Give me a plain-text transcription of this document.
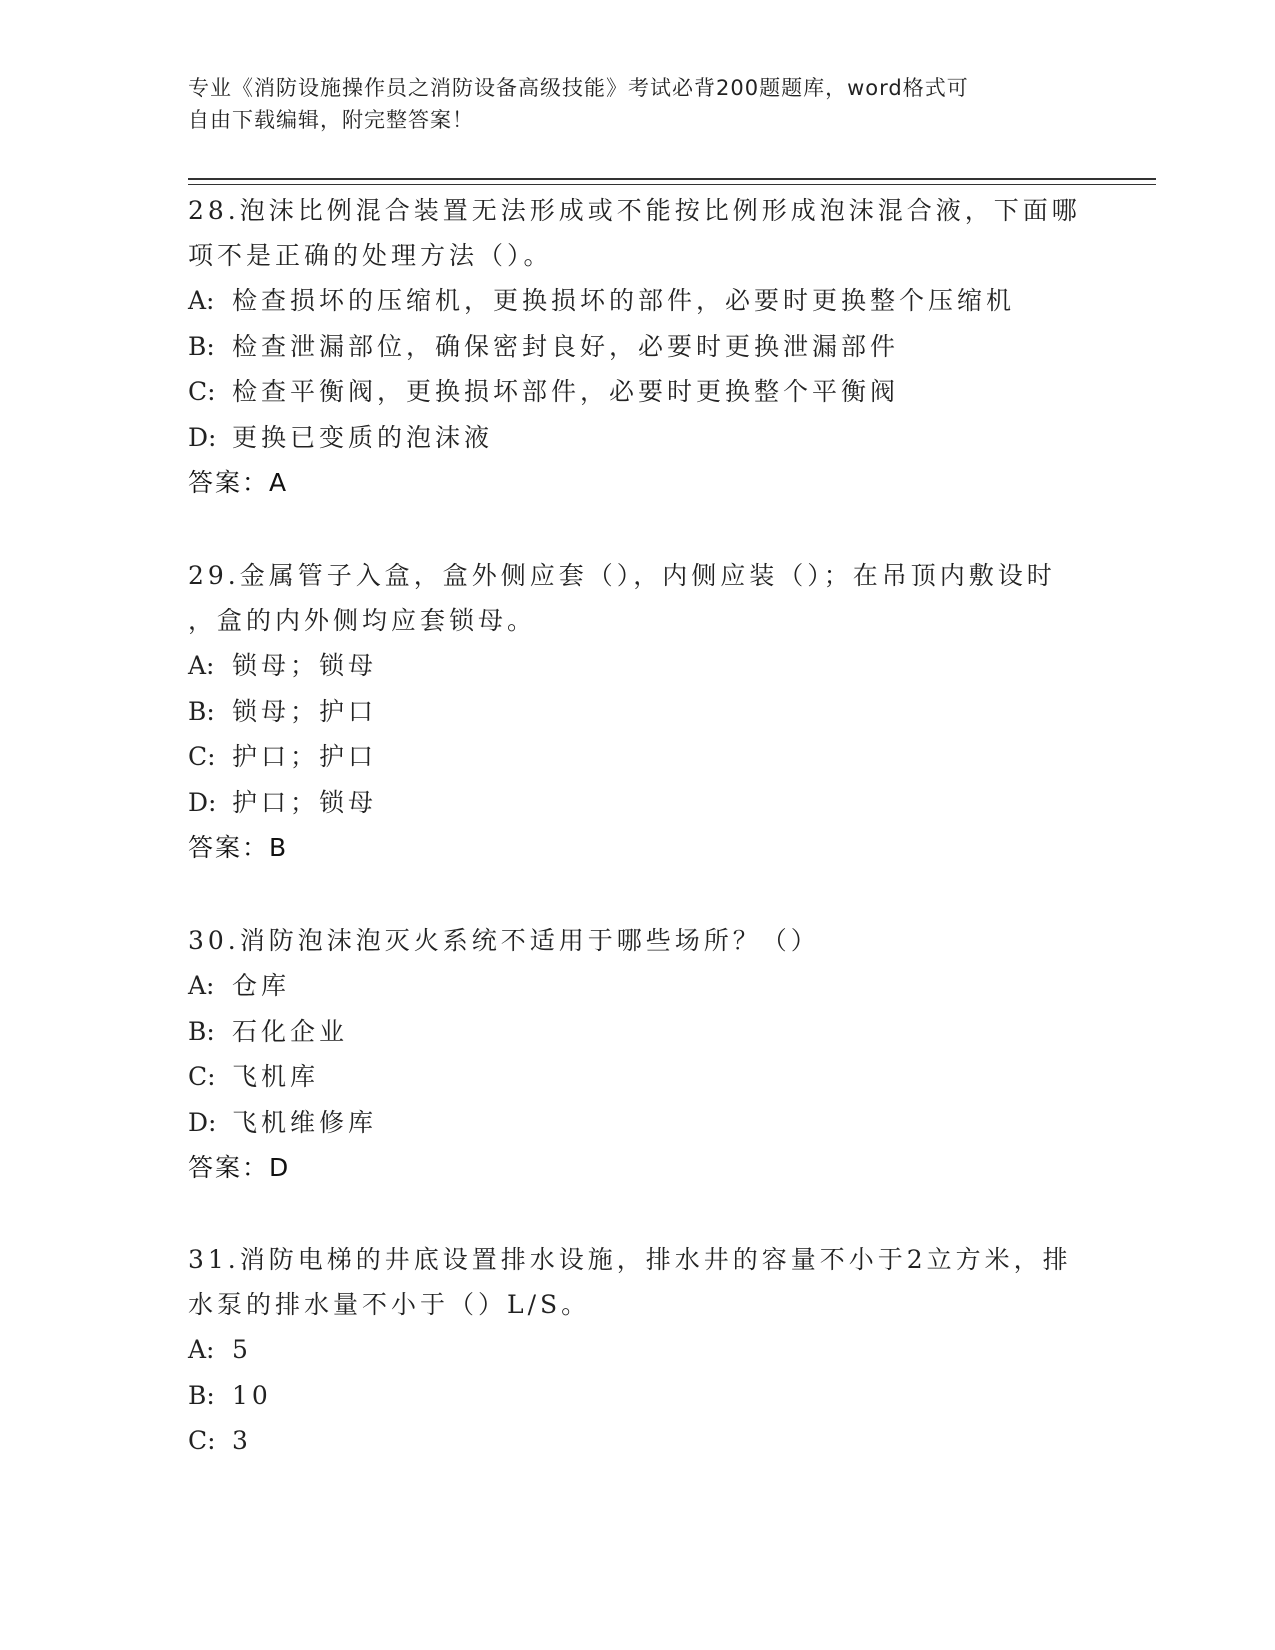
专业《消防设施操作员之消防设备高级技能》考试必背200题题库，word格式可
自由下载编辑，附完整答案！

28.泡沫比例混合装置无法形成或不能按比例形成泡沫混合液，下面哪

项不是正确的处理方法（）。

A: 检查损坏的压缩机，更换损坏的部件，必要时更换整个压缩机

B: 检查泄漏部位，确保密封良好，必要时更换泄漏部件

C: 检查平衡阀，更换损坏部件，必要时更换整个平衡阀

D: 更换已变质的泡沫液

答案：A

29.金属管子入盒，盒外侧应套（），内侧应装（）；在吊顶内敷设时

，盒的内外侧均应套锁母。

A: 锁母；锁母

B: 锁母；护口

C: 护口；护口

D: 护口；锁母

答案：B

30.消防泡沫泡灭火系统不适用于哪些场所？（）

A: 仓库

B: 石化企业

C: 飞机库

D: 飞机维修库

答案：D

31.消防电梯的井底设置排水设施，排水井的容量不小于2立方米，排

水泵的排水量不小于（）L/S。

A: 5

B: 10

C: 3
